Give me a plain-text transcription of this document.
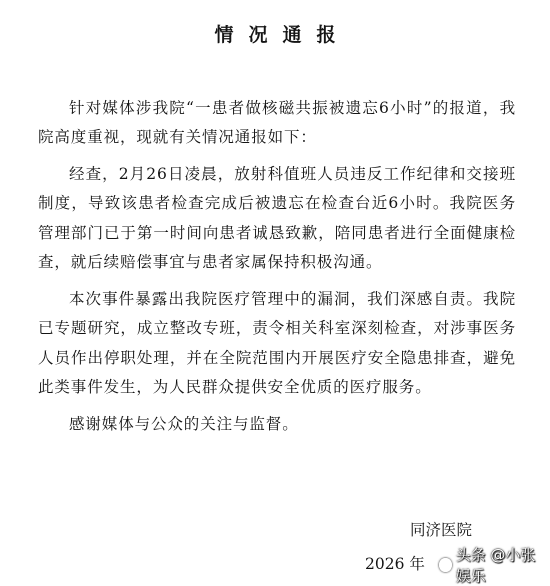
情况通报

针对媒体涉我院“一患者做核磁共振被遗忘6小时”的报道，我院高度重视，现就有关情况通报如下：

经查，2月26日凌晨，放射科值班人员违反工作纪律和交接班制度，导致该患者检查完成后被遗忘在检查台近6小时。我院医务管理部门已于第一时间向患者诚恳致歉，陪同患者进行全面健康检查，就后续赔偿事宜与患者家属保持积极沟通。

本次事件暴露出我院医疗管理中的漏洞，我们深感自责。我院已专题研究，成立整改专班，责令相关科室深刻检查，对涉事医务人员作出停职处理，并在全院范围内开展医疗安全隐患排查，避免此类事件发生，为人民群众提供安全优质的医疗服务。

感谢媒体与公众的关注与监督。

同济医院
2026 年 头条 @小张娱乐
